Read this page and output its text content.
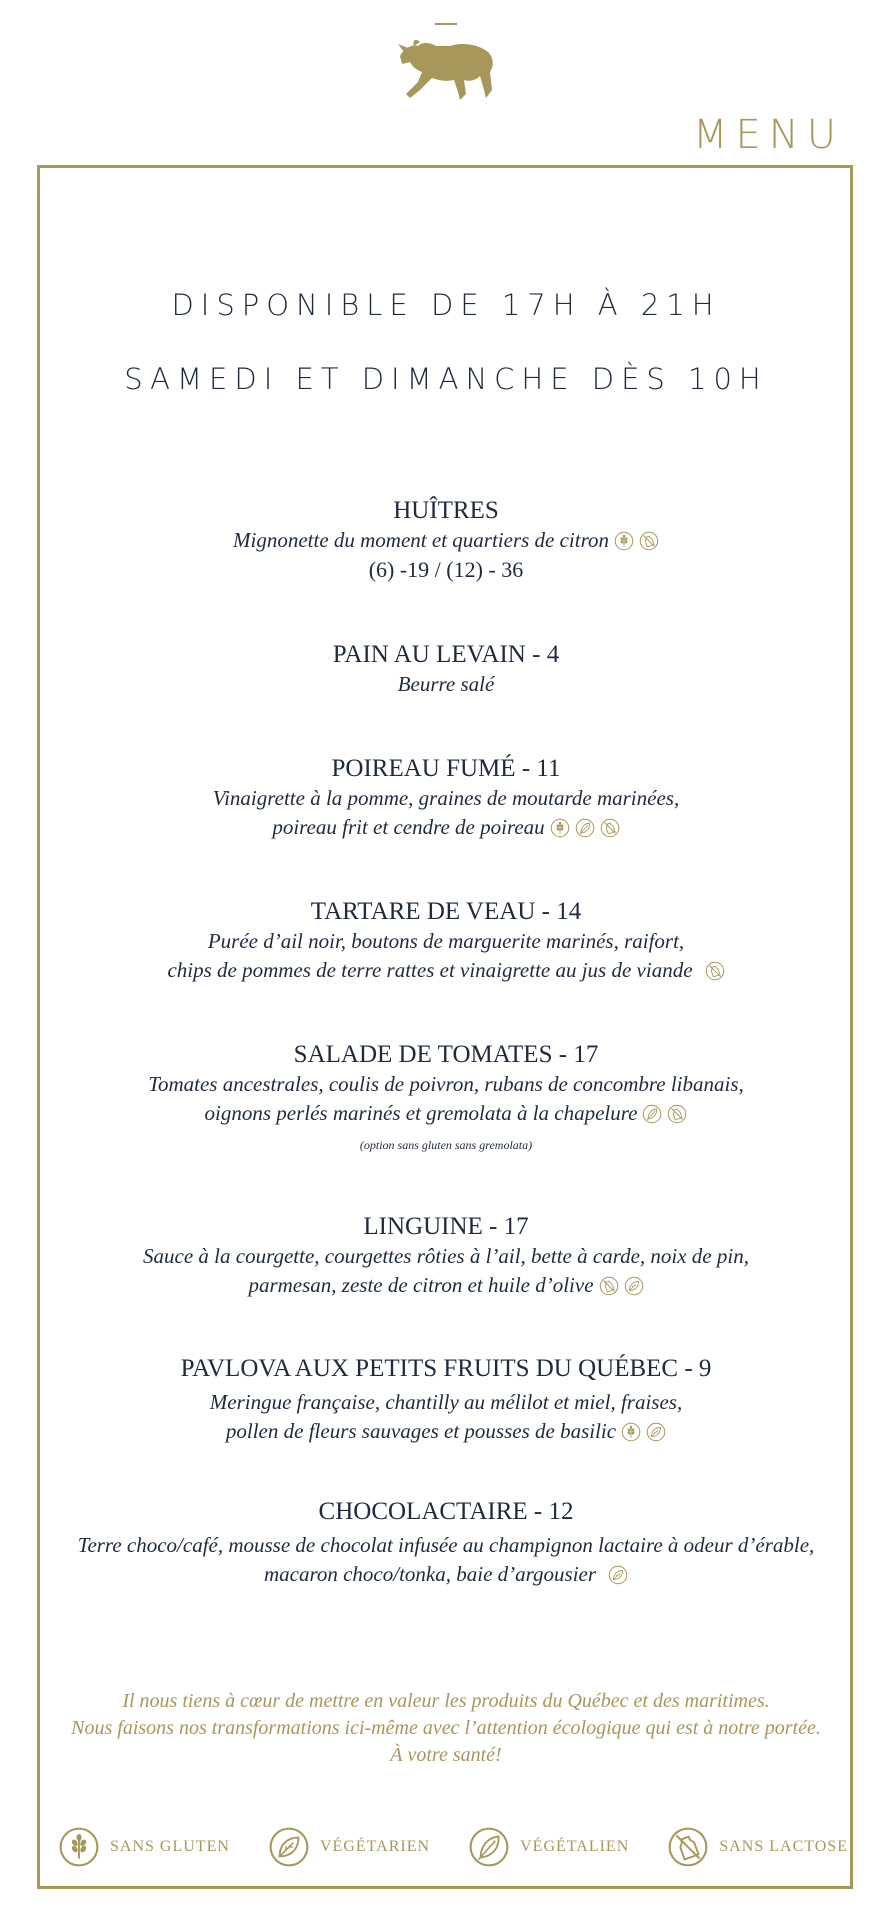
MENU
DISPONIBLE DE 17H À 21H
SAMEDI ET DIMANCHE DÈS 10H
HUÎTRES
Mignonette du moment et quartiers de citron
(6) -19 / (12) - 36
PAIN AU LEVAIN - 4
Beurre salé
POIREAU FUMÉ - 11
Vinaigrette à la pomme, graines de moutarde marinées,
poireau frit et cendre de poireau
TARTARE DE VEAU - 14
Purée d’ail noir, boutons de marguerite marinés, raifort,
chips de pommes de terre rattes et vinaigrette au jus de viande
SALADE DE TOMATES - 17
Tomates ancestrales, coulis de poivron, rubans de concombre libanais,
oignons perlés marinés et gremolata à la chapelure
(option sans gluten sans gremolata)
LINGUINE - 17
Sauce à la courgette, courgettes rôties à l’ail, bette à carde, noix de pin,
parmesan, zeste de citron et huile d’olive
PAVLOVA AUX PETITS FRUITS DU QUÉBEC - 9
Meringue française, chantilly au mélilot et miel, fraises,
pollen de fleurs sauvages et pousses de basilic
CHOCOLACTAIRE - 12
Terre choco/café, mousse de chocolat infusée au champignon lactaire à odeur d’érable,
macaron choco/tonka, baie d’argousier
Il nous tiens à cœur de mettre en valeur les produits du Québec et des maritimes.
Nous faisons nos transformations ici-même avec l’attention écologique qui est à notre portée.
À votre santé!
SANS GLUTEN	VÉGÉTARIEN	VÉGÉTALIEN	SANS LACTOSE
